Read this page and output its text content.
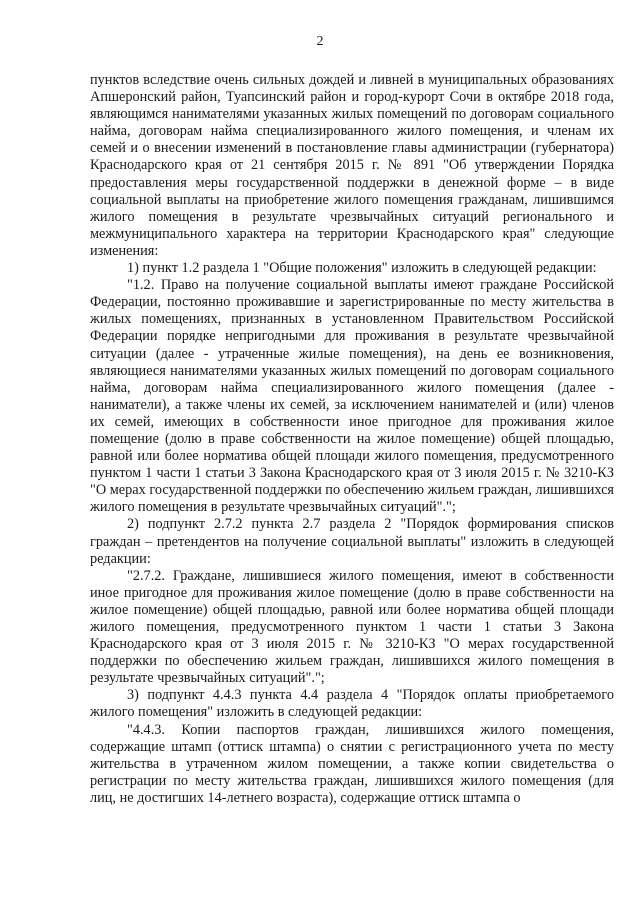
2

пунктов вследствие очень сильных дождей и ливней в муниципальных образованиях Апшеронский район, Туапсинский район и город-курорт Сочи в октябре 2018 года, являющимся нанимателями указанных жилых помещений по договорам социального найма, договорам найма специализированного жилого помещения, и членам их семей и о внесении изменений в постановление главы администрации (губернатора) Краснодарского края от 21 сентября 2015 г. № 891 "Об утверждении Порядка предоставления меры государственной поддержки в денежной форме – в виде социальной выплаты на приобретение жилого помещения гражданам, лишившимся жилого помещения в результате чрезвычайных ситуаций регионального и межмуниципального характера на территории Краснодарского края" следующие изменения:

1) пункт 1.2 раздела 1 "Общие положения" изложить в следующей редакции:

"1.2. Право на получение социальной выплаты имеют граждане Российской Федерации, постоянно проживавшие и зарегистрированные по месту жительства в жилых помещениях, признанных в установленном Правительством Российской Федерации порядке непригодными для проживания в результате чрезвычайной ситуации (далее - утраченные жилые помещения), на день ее возникновения, являющиеся нанимателями указанных жилых помещений по договорам социального найма, договорам найма специализированного жилого помещения (далее - наниматели), а также члены их семей, за исключением нанимателей и (или) членов их семей, имеющих в собственности иное пригодное для проживания жилое помещение (долю в праве собственности на жилое помещение) общей площадью, равной или более норматива общей площади жилого помещения, предусмотренного пунктом 1 части 1 статьи 3 Закона Краснодарского края от 3 июля 2015 г. № 3210-КЗ "О мерах государственной поддержки по обеспечению жильем граждан, лишившихся жилого помещения в результате чрезвычайных ситуаций".";

2) подпункт 2.7.2 пункта 2.7 раздела 2 "Порядок формирования списков граждан – претендентов на получение социальной выплаты" изложить в следующей редакции:

"2.7.2. Граждане, лишившиеся жилого помещения, имеют в собственности иное пригодное для проживания жилое помещение (долю в праве собственности на жилое помещение) общей площадью, равной или более норматива общей площади жилого помещения, предусмотренного пунктом 1 части 1 статьи 3 Закона Краснодарского края от 3 июля 2015 г. № 3210-КЗ "О мерах государственной поддержки по обеспечению жильем граждан, лишившихся жилого помещения в результате чрезвычайных ситуаций".";

3) подпункт 4.4.3 пункта 4.4 раздела 4 "Порядок оплаты приобретаемого жилого помещения" изложить в следующей редакции:

"4.4.3. Копии паспортов граждан, лишившихся жилого помещения, содержащие штамп (оттиск штампа) о снятии с регистрационного учета по месту жительства в утраченном жилом помещении, а также копии свидетельства о регистрации по месту жительства граждан, лишившихся жилого помещения (для лиц, не достигших 14-летнего возраста), содержащие оттиск штампа о
